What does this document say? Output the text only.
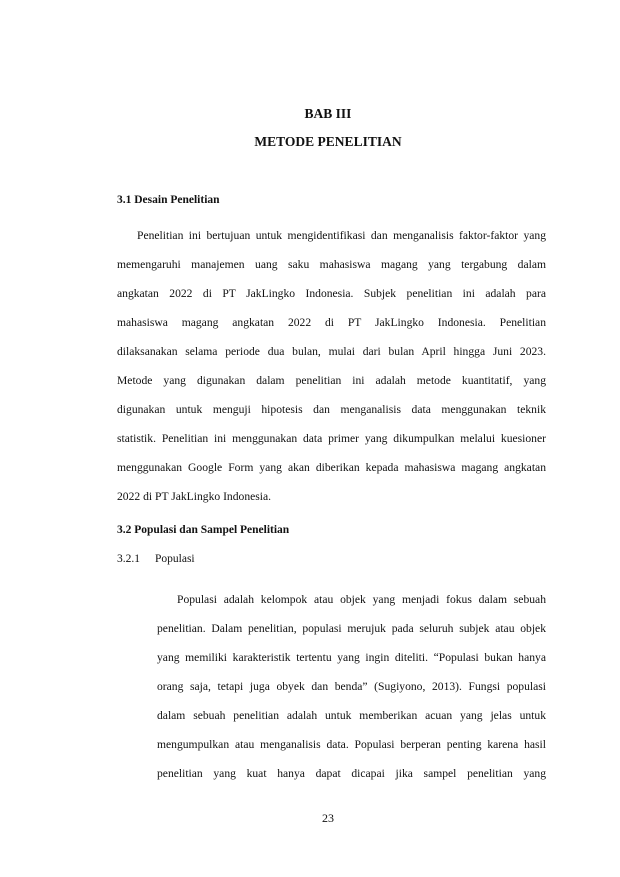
BAB III

METODE PENELITIAN

3.1 Desain Penelitian

Penelitian ini bertujuan untuk mengidentifikasi dan menganalisis faktor-faktor yang
memengaruhi manajemen uang saku mahasiswa magang yang tergabung dalam
angkatan 2022 di PT JakLingko Indonesia. Subjek penelitian ini adalah para
mahasiswa magang angkatan 2022 di PT JakLingko Indonesia. Penelitian
dilaksanakan selama periode dua bulan, mulai dari bulan April hingga Juni 2023.
Metode yang digunakan dalam penelitian ini adalah metode kuantitatif, yang
digunakan untuk menguji hipotesis dan menganalisis data menggunakan teknik
statistik. Penelitian ini menggunakan data primer yang dikumpulkan melalui kuesioner
menggunakan Google Form yang akan diberikan kepada mahasiswa magang angkatan
2022 di PT JakLingko Indonesia.

3.2 Populasi dan Sampel Penelitian

3.2.1 Populasi

Populasi adalah kelompok atau objek yang menjadi fokus dalam sebuah
penelitian. Dalam penelitian, populasi merujuk pada seluruh subjek atau objek
yang memiliki karakteristik tertentu yang ingin diteliti. “Populasi bukan hanya
orang saja, tetapi juga obyek dan benda” (Sugiyono, 2013). Fungsi populasi
dalam sebuah penelitian adalah untuk memberikan acuan yang jelas untuk
mengumpulkan atau menganalisis data. Populasi berperan penting karena hasil
penelitian yang kuat hanya dapat dicapai jika sampel penelitian yang

23
